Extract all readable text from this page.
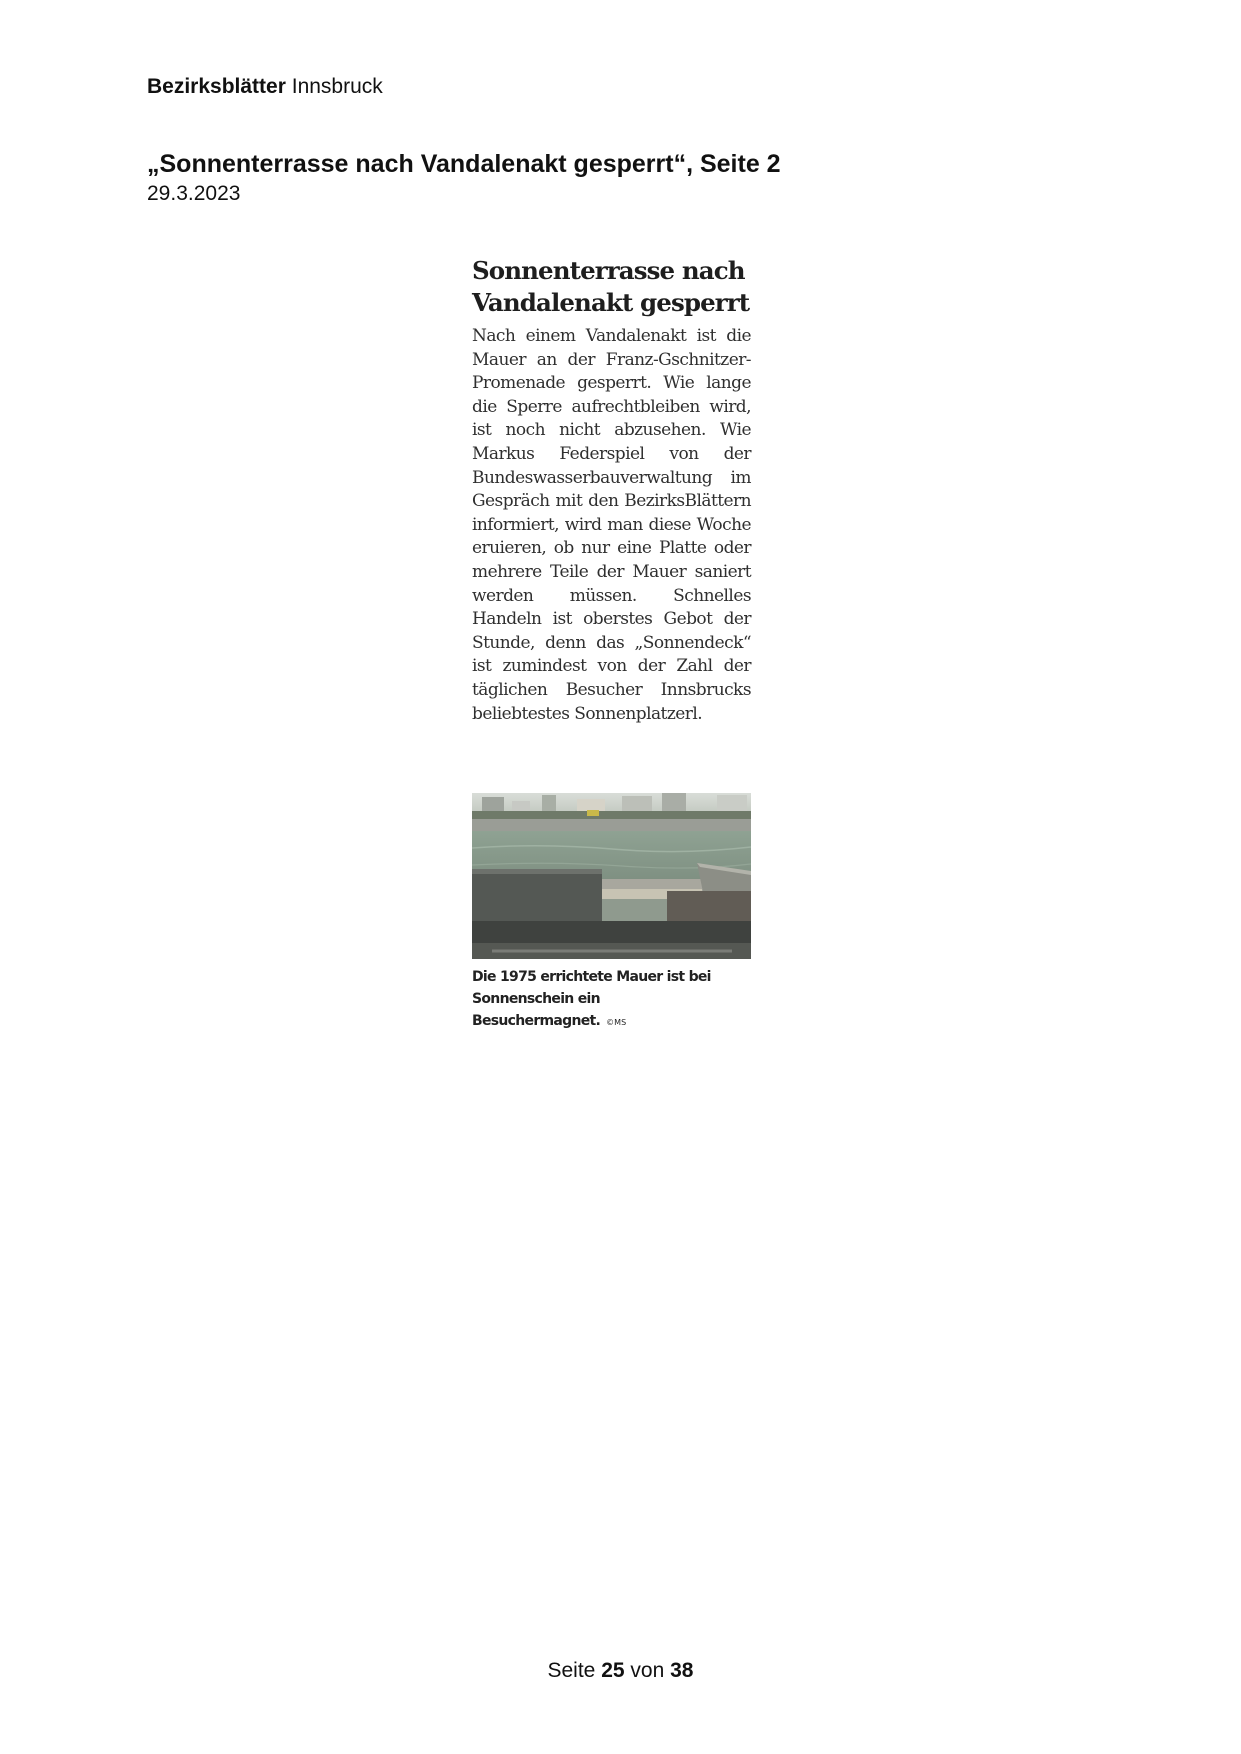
Bezirksblätter Innsbruck
„Sonnenterrasse nach Vandalenakt gesperrt“, Seite 2
29.3.2023
Sonnenterrasse nach
Vandalenakt gesperrt

Nach einem Vandalenakt ist die Mauer an der Franz-Gschnitzer-Promenade gesperrt. Wie lange die Sperre aufrechtbleiben wird, ist noch nicht abzusehen. Wie Markus Federspiel von der Bundeswasserbauverwaltung im Gespräch mit den BezirksBlättern informiert, wird man diese Woche eruieren, ob nur eine Platte oder mehrere Teile der Mauer saniert werden müssen. Schnelles Handeln ist oberstes Gebot der Stunde, denn das „Sonnendeck“ ist zumindest von der Zahl der täglichen Besucher Innsbrucks beliebtestes Sonnenplatzerl.

Die 1975 errichtete Mauer ist bei Sonnenschein ein Besuchermagnet. ©MS
Seite 25 von 38
